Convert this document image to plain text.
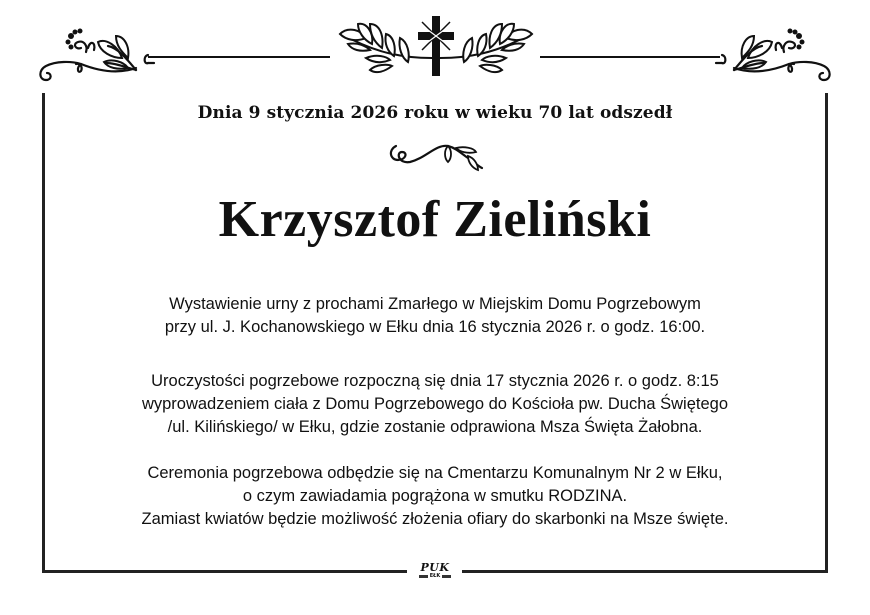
Dnia 9 stycznia 2026 roku w wieku 70 lat odszedł
Krzysztof Zieliński
Wystawienie urny z prochami Zmarłego w Miejskim Domu Pogrzebowym
przy ul. J. Kochanowskiego w Ełku dnia 16 stycznia 2026 r. o godz. 16:00.
Uroczystości pogrzebowe rozpoczną się dnia 17 stycznia 2026 r. o godz. 8:15
wyprowadzeniem ciała z Domu Pogrzebowego do Kościoła pw. Ducha Świętego
/ul. Kilińskiego/ w Ełku, gdzie zostanie odprawiona Msza Święta Żałobna.
Ceremonia pogrzebowa odbędzie się na Cmentarzu Komunalnym Nr 2 w Ełku,
o czym zawiadamia pogrążona w smutku RODZINA.
Zamiast kwiatów będzie możliwość złożenia ofiary do skarbonki na Msze święte.
PUK
EŁK
